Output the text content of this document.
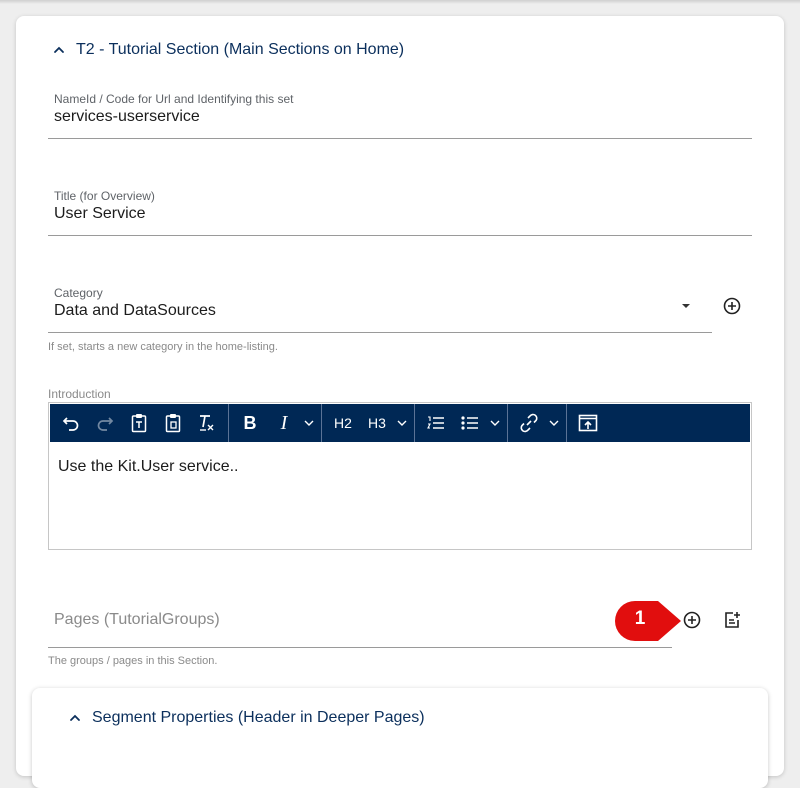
T2 - Tutorial Section (Main Sections on Home)
NameId / Code for Url and Identifying this set
services-userservice
Title (for Overview)
User Service
Category
Data and DataSources
If set, starts a new category in the home-listing.
Introduction
B I	H2 H3
Use the Kit.User service..
Pages (TutorialGroups)
The groups / pages in this Section.
1
Segment Properties (Header in Deeper Pages)
